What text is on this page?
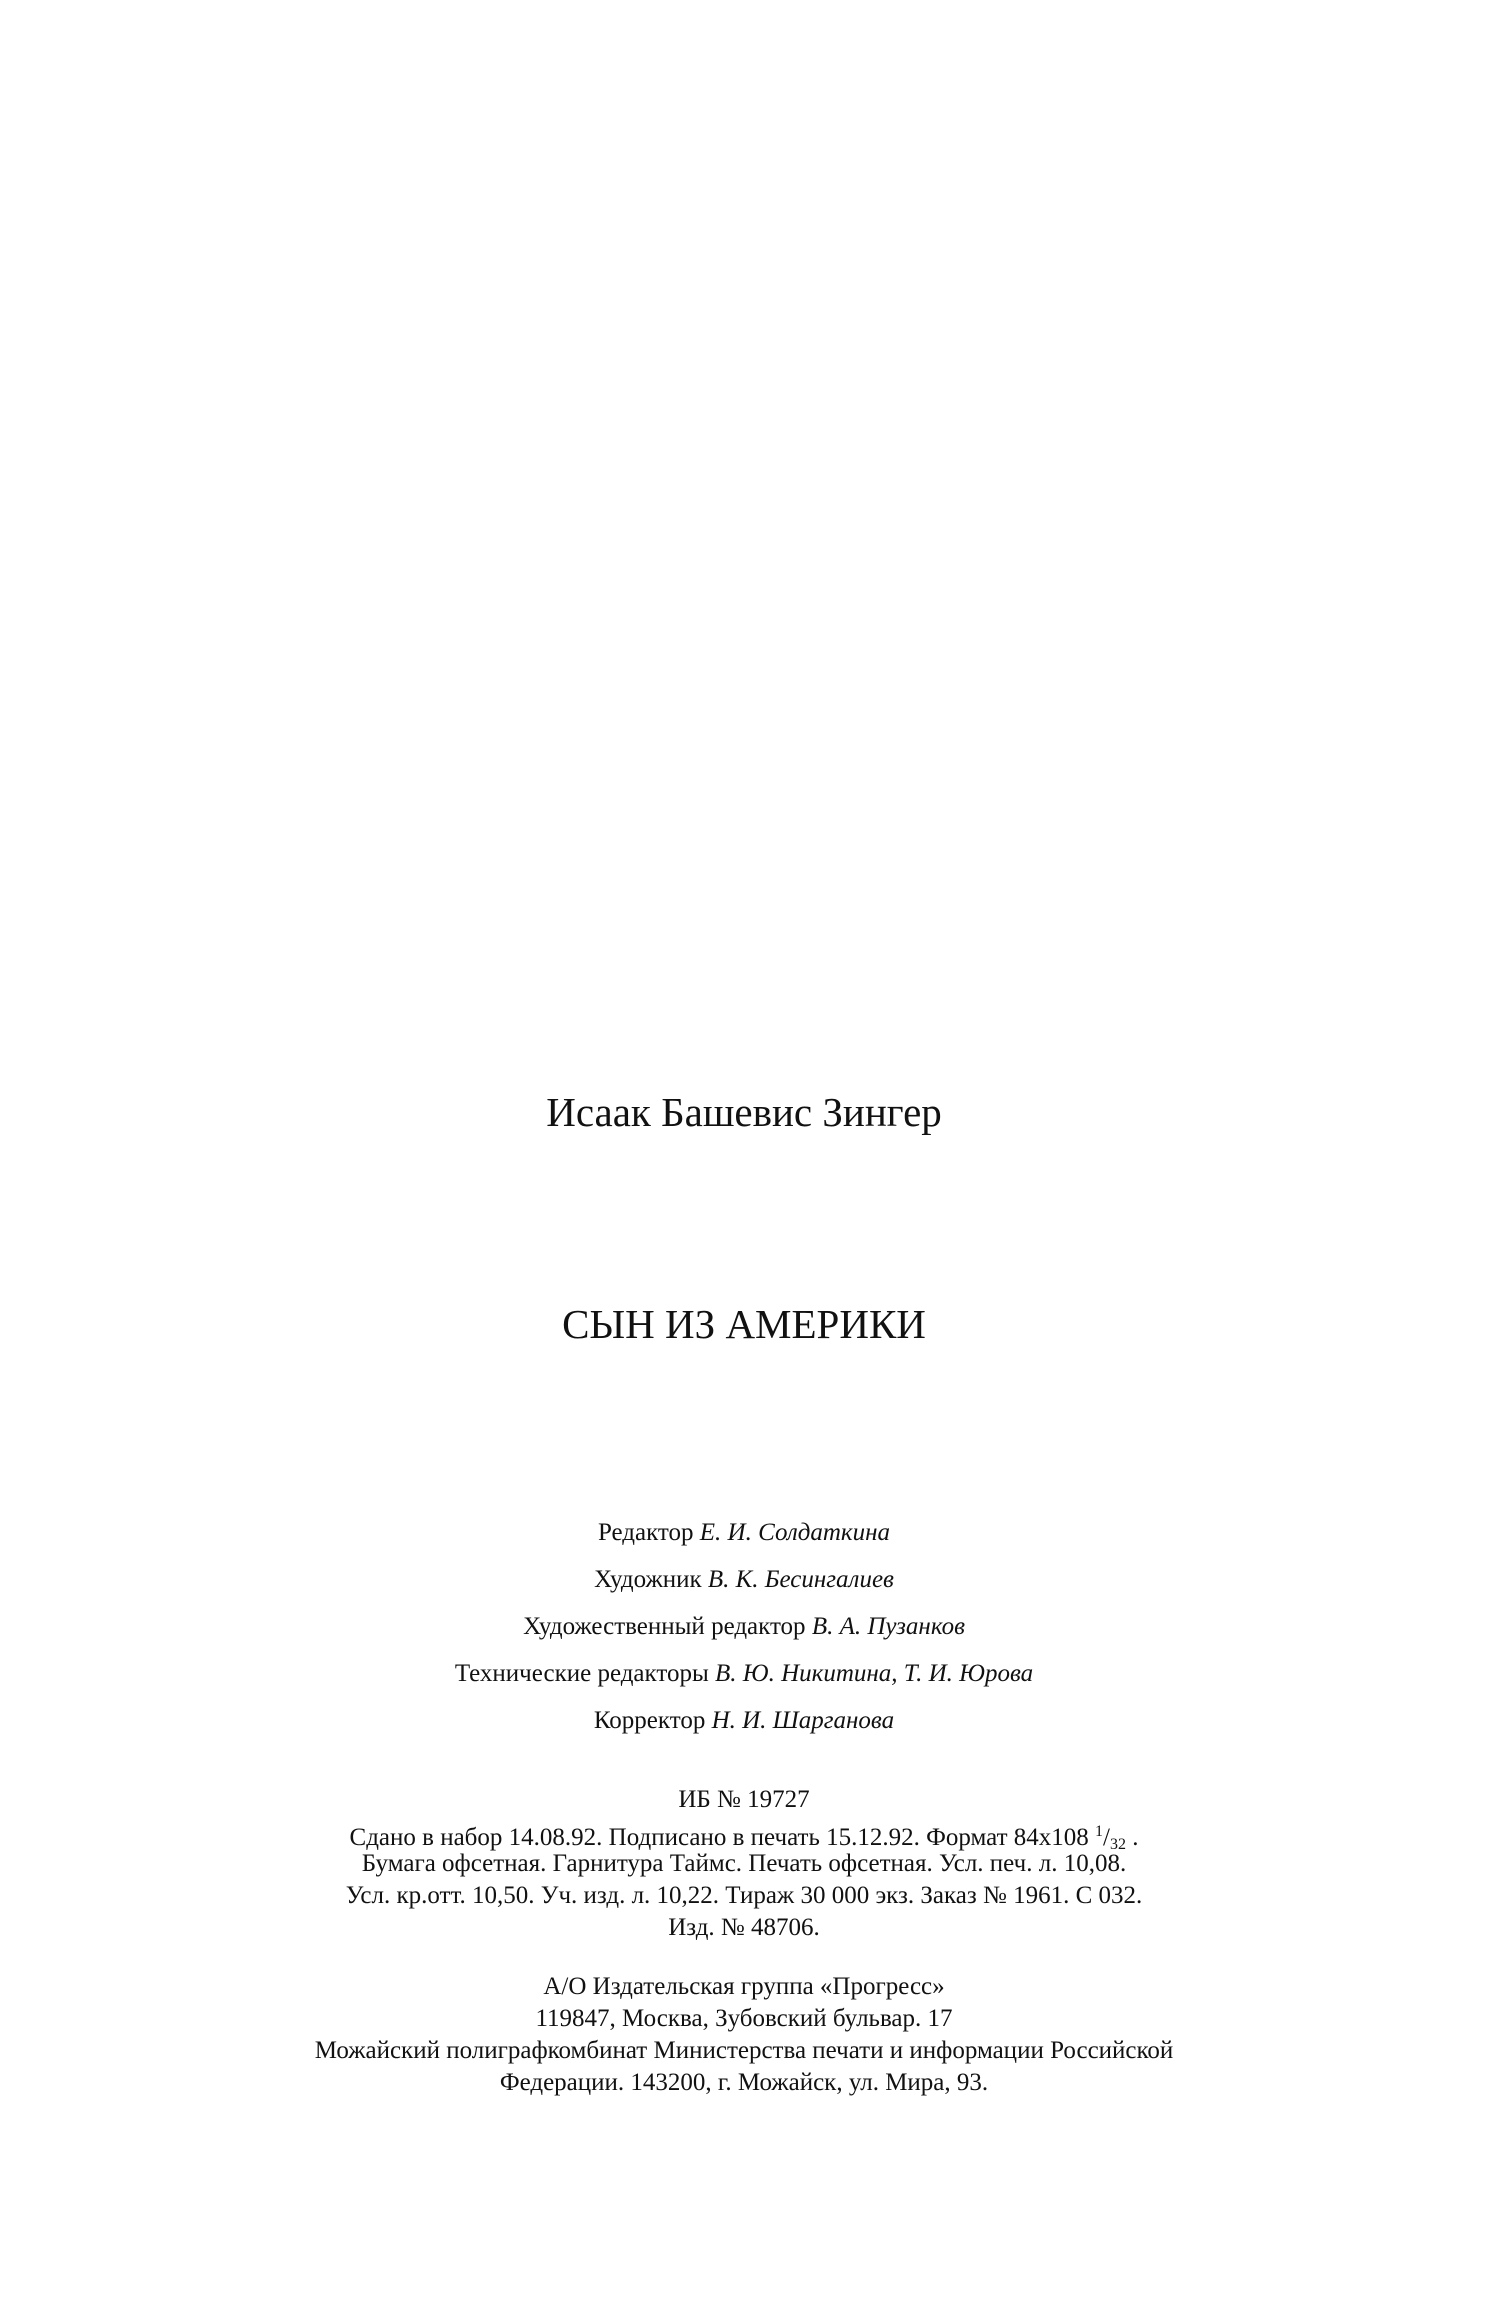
Исаак Башевис Зингер
СЫН ИЗ АМЕРИКИ
Редактор Е. И. Солдаткина
Художник В. К. Бесингалиев
Художественный редактор В. А. Пузанков
Технические редакторы В. Ю. Никитина, Т. И. Юрова
Корректор Н. И. Шарганова
ИБ № 19727
Сдано в набор 14.08.92. Подписано в печать 15.12.92. Формат 84x108 $^1/_{32}$ .
Бумага офсетная. Гарнитура Таймс. Печать офсетная. Усл. печ. л. 10,08.
Усл. кр.отт. 10,50. Уч. изд. л. 10,22. Тираж 30 000 экз. Заказ № 1961. С 032.
Изд. № 48706.
А/О Издательская группа «Прогресс»
119847, Москва, Зубовский бульвар. 17
Можайский полиграфкомбинат Министерства печати и информации Российской
Федерации. 143200, г. Можайск, ул. Мира, 93.
